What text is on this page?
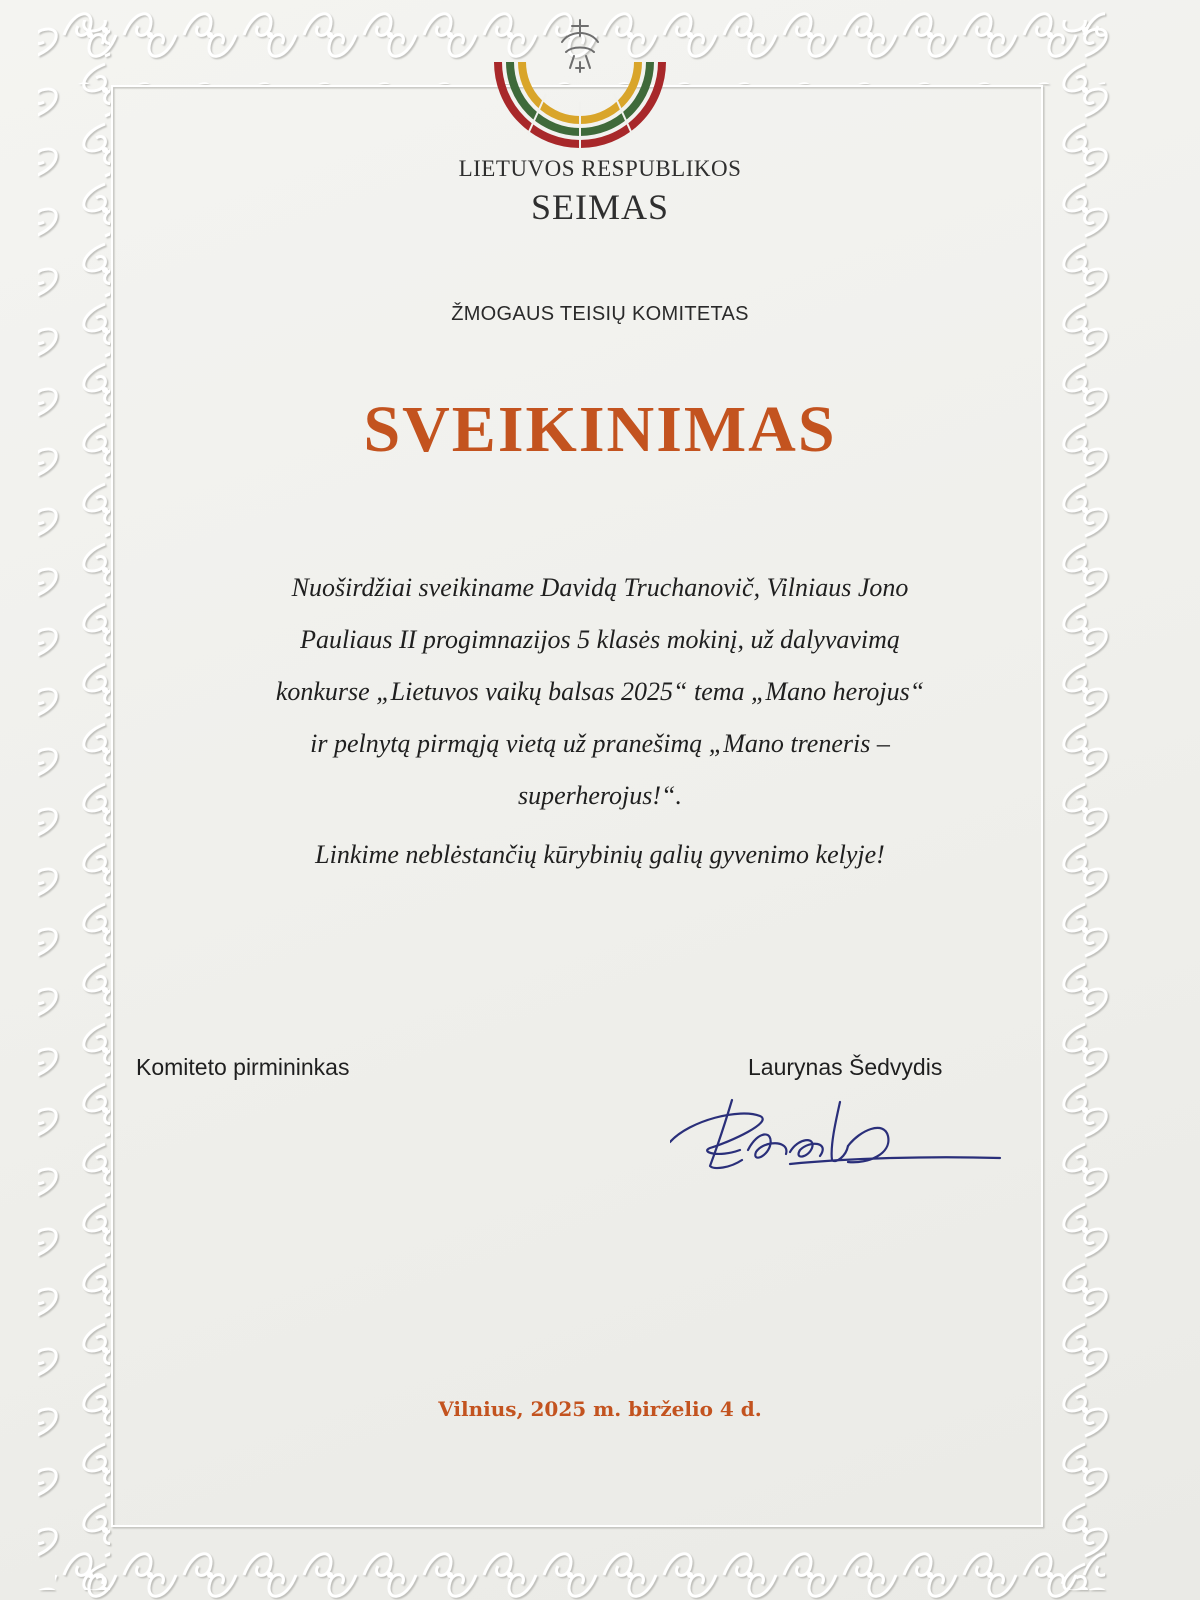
LIETUVOS RESPUBLIKOS
SEIMAS
ŽMOGAUS TEISIŲ KOMITETAS
SVEIKINIMAS
Nuoširdžiai sveikiname Davidą Truchanovič, Vilniaus Jono
Pauliaus II progimnazijos 5 klasės mokinį, už dalyvavimą
konkurse „Lietuvos vaikų balsas 2025“ tema „Mano herojus“
ir pelnytą pirmąją vietą už pranešimą „Mano treneris –
superherojus!“.
Linkime neblėstančių kūrybinių galių gyvenimo kelyje!
Komiteto pirmininkas	Laurynas Šedvydis
Vilnius, 2025 m. birželio 4 d.
